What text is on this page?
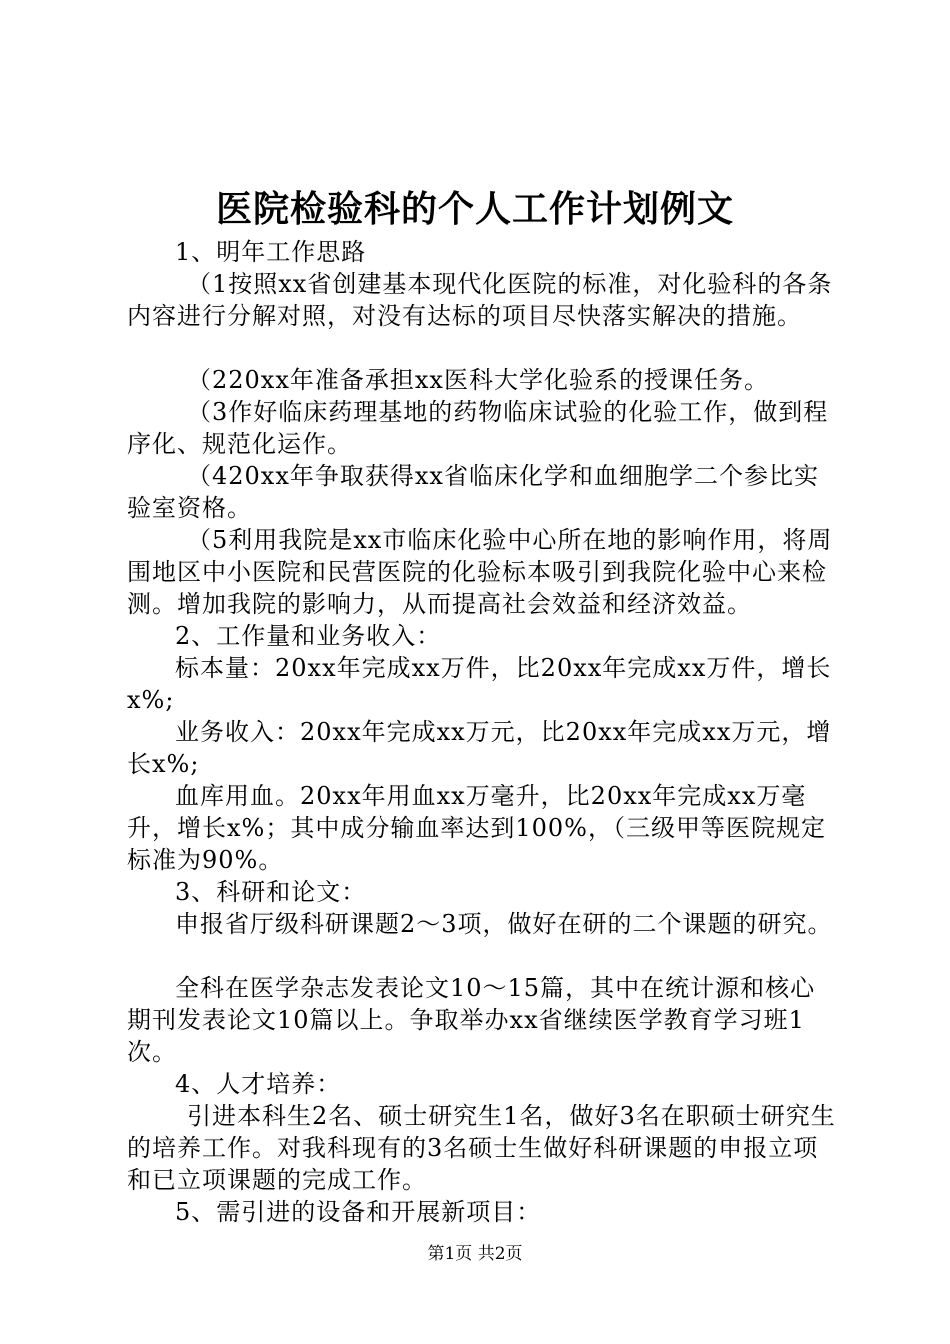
医院检验科的个人工作计划例文

1、明年工作思路

（1按照xx省创建基本现代化医院的标准，对化验科的各条内容进行分解对照，对没有达标的项目尽快落实解决的措施。

（220xx年准备承担xx医科大学化验系的授课任务。

（3作好临床药理基地的药物临床试验的化验工作，做到程序化、规范化运作。

（420xx年争取获得xx省临床化学和血细胞学二个参比实验室资格。

（5利用我院是xx市临床化验中心所在地的影响作用，将周围地区中小医院和民营医院的化验标本吸引到我院化验中心来检测。增加我院的影响力，从而提高社会效益和经济效益。

2、工作量和业务收入：

标本量：20xx年完成xx万件，比20xx年完成xx万件，增长x%;

业务收入：20xx年完成xx万元，比20xx年完成xx万元，增长x%;

血库用血。20xx年用血xx万毫升，比20xx年完成xx万毫升，增长x%；其中成分输血率达到100%，（三级甲等医院规定标准为90%。

3、科研和论文：

申报省厅级科研课题2～3项，做好在研的二个课题的研究。

全科在医学杂志发表论文10～15篇，其中在统计源和核心期刊发表论文10篇以上。争取举办xx省继续医学教育学习班1次。

4、人才培养：

引进本科生2名、硕士研究生1名，做好3名在职硕士研究生的培养工作。对我科现有的3名硕士生做好科研课题的申报立项和已立项课题的完成工作。

5、需引进的设备和开展新项目：

第1页 共2页
